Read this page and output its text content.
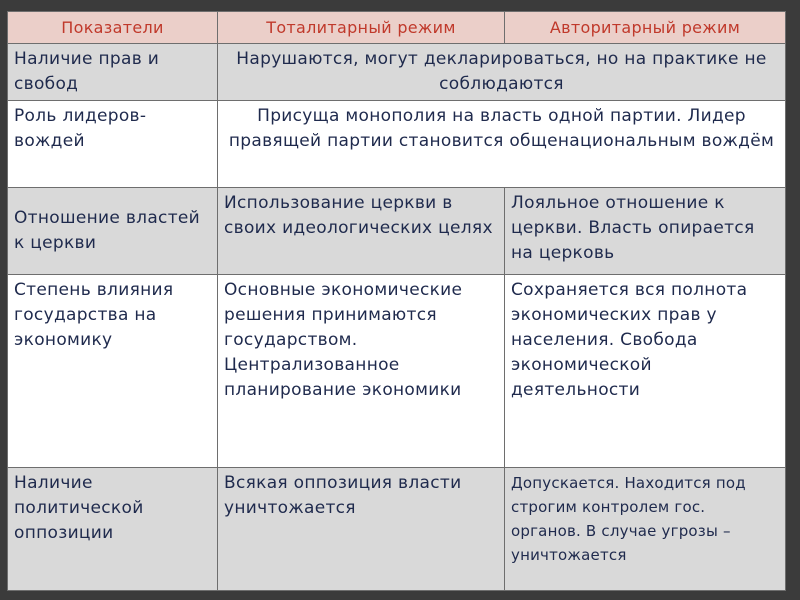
Показатели	Тоталитарный режим	Авторитарный режим
Наличие прав и свобод	Нарушаются, могут декларироваться, но на практике не соблюдаются	
Роль лидеров-вождей	Присуща монополия на власть одной партии. Лидер правящей партии становится общенациональным вождём	
Отношение властей к церкви	Использование церкви в своих идеологических целях	Лояльное отношение к церкви. Власть опирается на церковь
Степень влияния государства на экономику	Основные экономические решения принимаются государством. Централизованное планирование экономики	Сохраняется вся полнота экономических прав у населения. Свобода экономической деятельности
Наличие политической оппозиции	Всякая оппозиция власти уничтожается	Допускается. Находится под строгим контролем гос. органов. В случае угрозы – уничтожается
